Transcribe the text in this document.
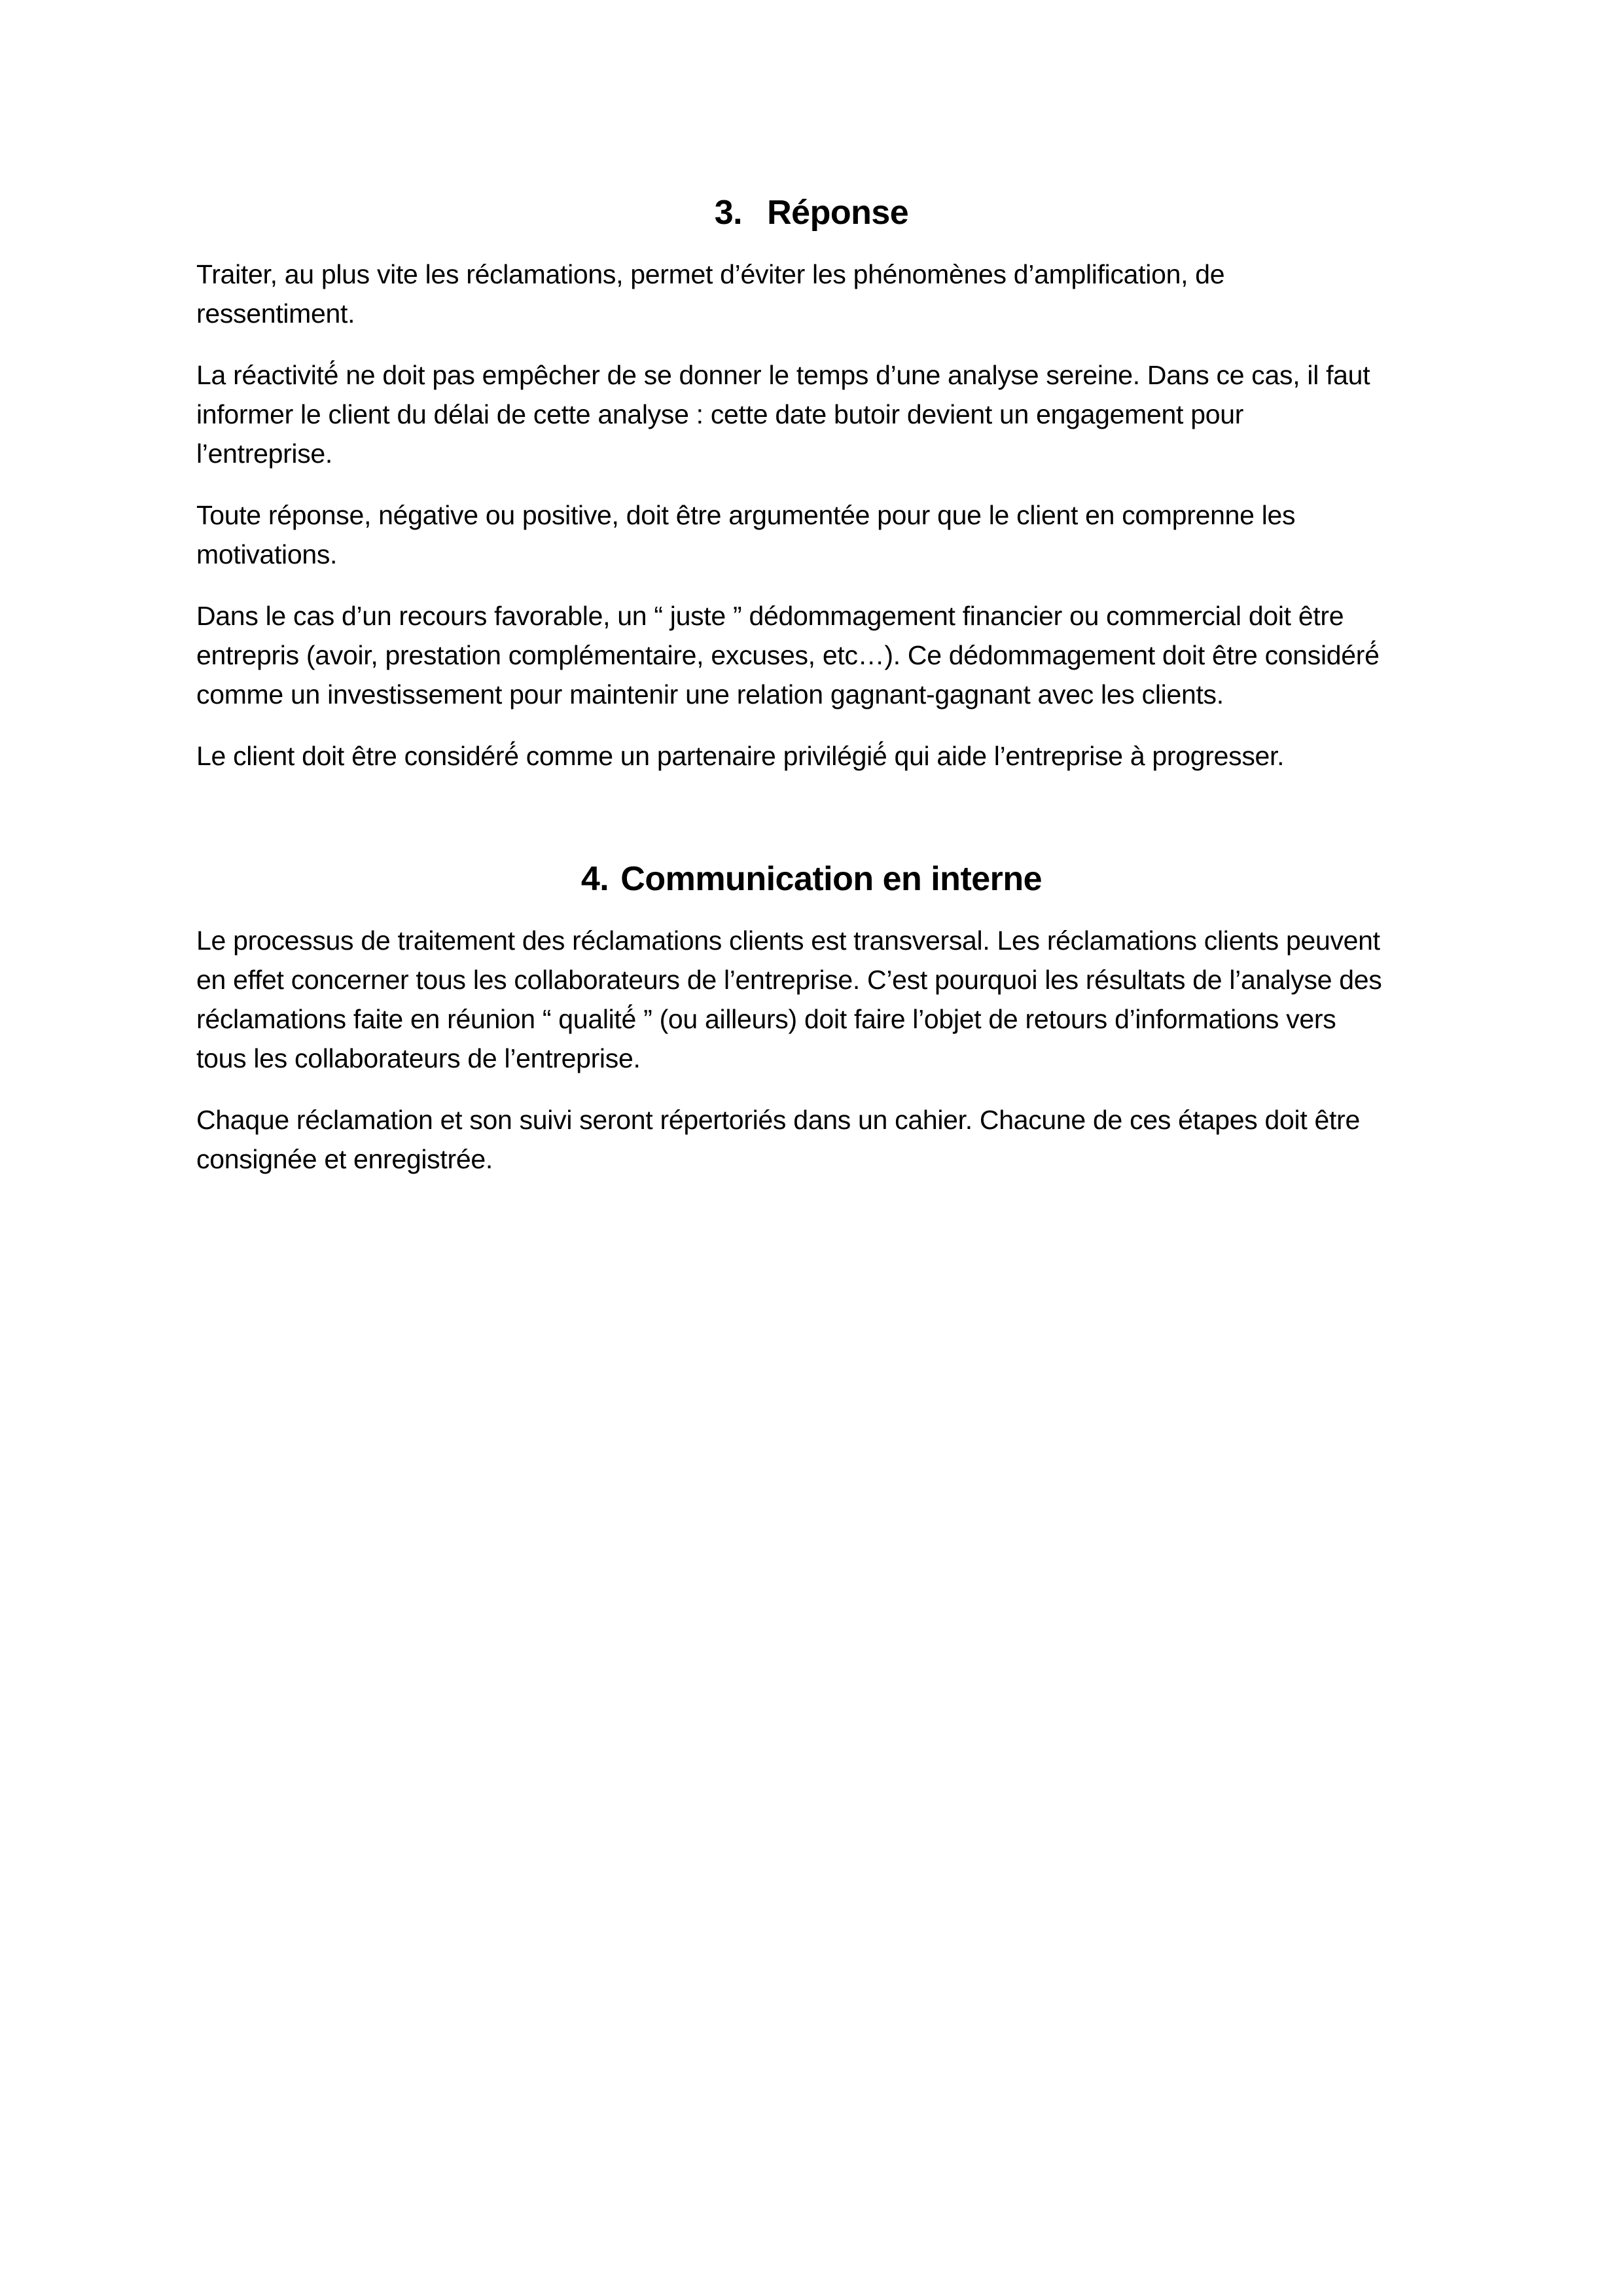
3. Réponse

Traiter, au plus vite les réclamations, permet d’éviter les phénomènes d’amplification, de
ressentiment.

La réactivité́ ne doit pas empêcher de se donner le temps d’une analyse sereine. Dans ce cas, il faut
informer le client du délai de cette analyse : cette date butoir devient un engagement pour
l’entreprise.

Toute réponse, négative ou positive, doit être argumentée pour que le client en comprenne les
motivations.

Dans le cas d’un recours favorable, un “ juste ” dédommagement financier ou commercial doit être
entrepris (avoir, prestation complémentaire, excuses, etc…). Ce dédommagement doit être considéré́
comme un investissement pour maintenir une relation gagnant-gagnant avec les clients.

Le client doit être considéré́ comme un partenaire privilégié́ qui aide l’entreprise à progresser.

4. Communication en interne

Le processus de traitement des réclamations clients est transversal. Les réclamations clients peuvent
en effet concerner tous les collaborateurs de l’entreprise. C’est pourquoi les résultats de l’analyse des
réclamations faite en réunion “ qualité́ ” (ou ailleurs) doit faire l’objet de retours d’informations vers
tous les collaborateurs de l’entreprise.

Chaque réclamation et son suivi seront répertoriés dans un cahier. Chacune de ces étapes doit être
consignée et enregistrée.
